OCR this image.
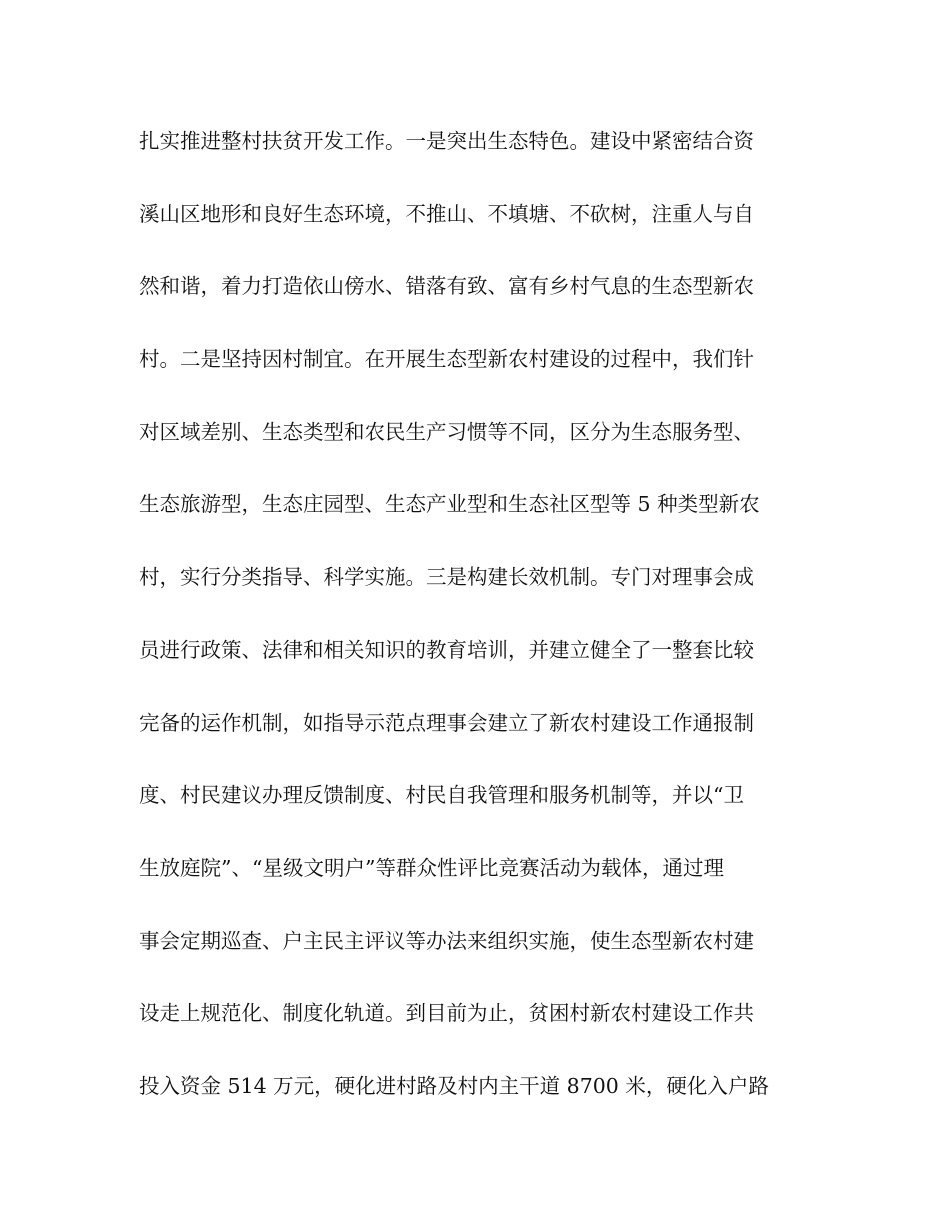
扎实推进整村扶贫开发工作。一是突出生态特色。建设中紧密结合资
溪山区地形和良好生态环境，不推山、不填塘、不砍树，注重人与自
然和谐，着力打造依山傍水、错落有致、富有乡村气息的生态型新农
村。二是坚持因村制宜。在开展生态型新农村建设的过程中，我们针
对区域差别、生态类型和农民生产习惯等不同，区分为生态服务型、
生态旅游型，生态庄园型、生态产业型和生态社区型等 5 种类型新农
村，实行分类指导、科学实施。三是构建长效机制。专门对理事会成
员进行政策、法律和相关知识的教育培训，并建立健全了一整套比较
完备的运作机制，如指导示范点理事会建立了新农村建设工作通报制
度、村民建议办理反馈制度、村民自我管理和服务机制等，并以“卫
生放庭院”、“星级文明户”等群众性评比竞赛活动为载体，通过理
事会定期巡查、户主民主评议等办法来组织实施，使生态型新农村建
设走上规范化、制度化轨道。到目前为止，贫困村新农村建设工作共
投入资金 514 万元，硬化进村路及村内主干道 8700 米，硬化入户路
